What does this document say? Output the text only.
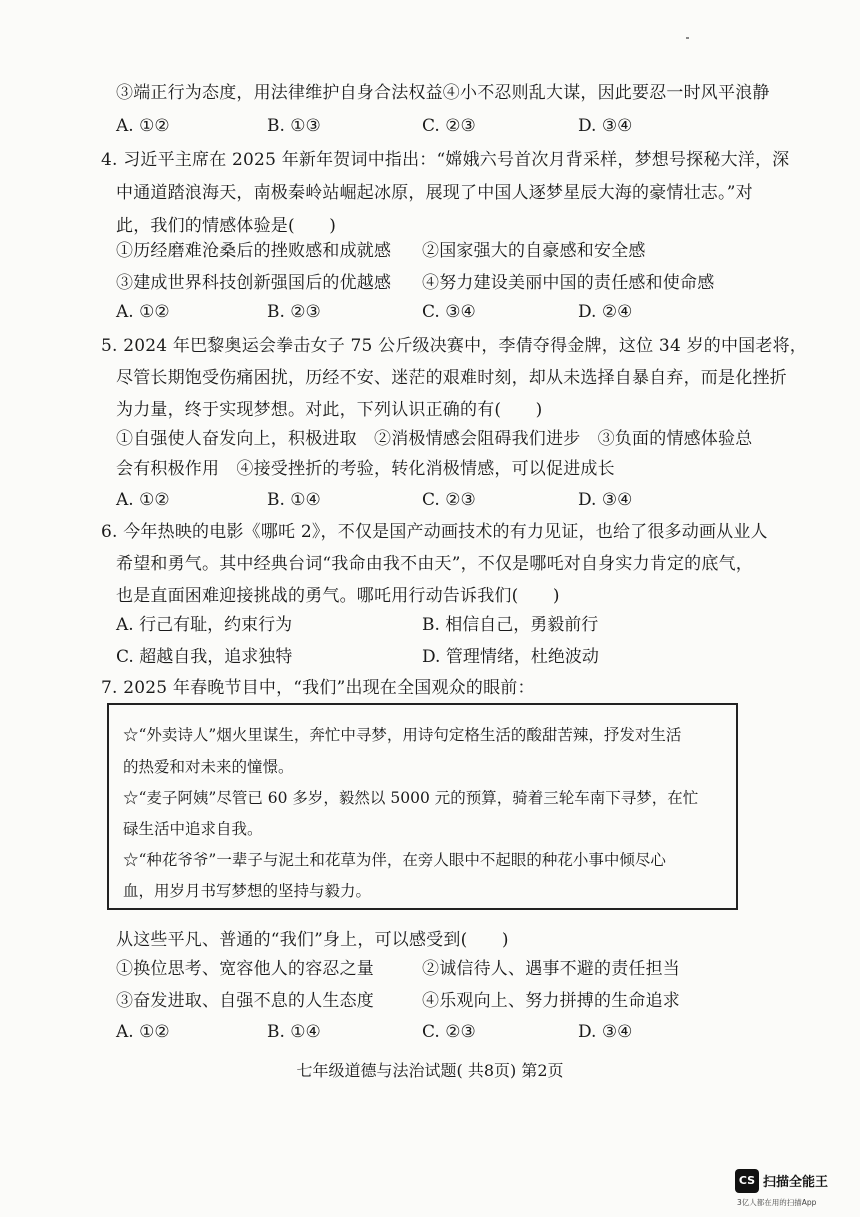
③端正行为态度，用法律维护自身合法权益④小不忍则乱大谋，因此要忍一时风平浪静
A. ①②	B. ①③	C. ②③	D. ③④
4. 习近平主席在 2025 年新年贺词中指出：“嫦娥六号首次月背采样，梦想号探秘大洋，深
中通道踏浪海天，南极秦岭站崛起冰原，展现了中国人逐梦星辰大海的豪情壮志。”对
此，我们的情感体验是(　　)
①历经磨难沧桑后的挫败感和成就感 ②国家强大的自豪感和安全感
③建成世界科技创新强国后的优越感 ④努力建设美丽中国的责任感和使命感
A. ①②	B. ②③	C. ③④	D. ②④
5. 2024 年巴黎奥运会拳击女子 75 公斤级决赛中，李倩夺得金牌，这位 34 岁的中国老将，
尽管长期饱受伤痛困扰，历经不安、迷茫的艰难时刻，却从未选择自暴自弃，而是化挫折
为力量，终于实现梦想。对此，下列认识正确的有(　　)
①自强使人奋发向上，积极进取　②消极情感会阻碍我们进步　③负面的情感体验总
会有积极作用　④接受挫折的考验，转化消极情感，可以促进成长
A. ①②	B. ①④	C. ②③	D. ③④
6. 今年热映的电影《哪吒 2》，不仅是国产动画技术的有力见证，也给了很多动画从业人
希望和勇气。其中经典台词“我命由我不由天”，不仅是哪吒对自身实力肯定的底气，
也是直面困难迎接挑战的勇气。哪吒用行动告诉我们(　　)
A. 行己有耻，约束行为	B. 相信自己，勇毅前行
C. 超越自我，追求独特	D. 管理情绪，杜绝波动
7. 2025 年春晚节目中，“我们”出现在全国观众的眼前：
☆“外卖诗人”烟火里谋生，奔忙中寻梦，用诗句定格生活的酸甜苦辣，抒发对生活
的热爱和对未来的憧憬。
☆“麦子阿姨”尽管已 60 多岁，毅然以 5000 元的预算，骑着三轮车南下寻梦，在忙
碌生活中追求自我。
☆“种花爷爷”一辈子与泥土和花草为伴，在旁人眼中不起眼的种花小事中倾尽心
血，用岁月书写梦想的坚持与毅力。
从这些平凡、普通的“我们”身上，可以感受到(　　)
①换位思考、宽容他人的容忍之量	②诚信待人、遇事不避的责任担当
③奋发进取、自强不息的人生态度	④乐观向上、努力拼搏的生命追求
A. ①②	B. ①④	C. ②③	D. ③④
七年级道德与法治试题( 共8页) 第2页
CS 扫描全能王
3亿人都在用的扫描App
